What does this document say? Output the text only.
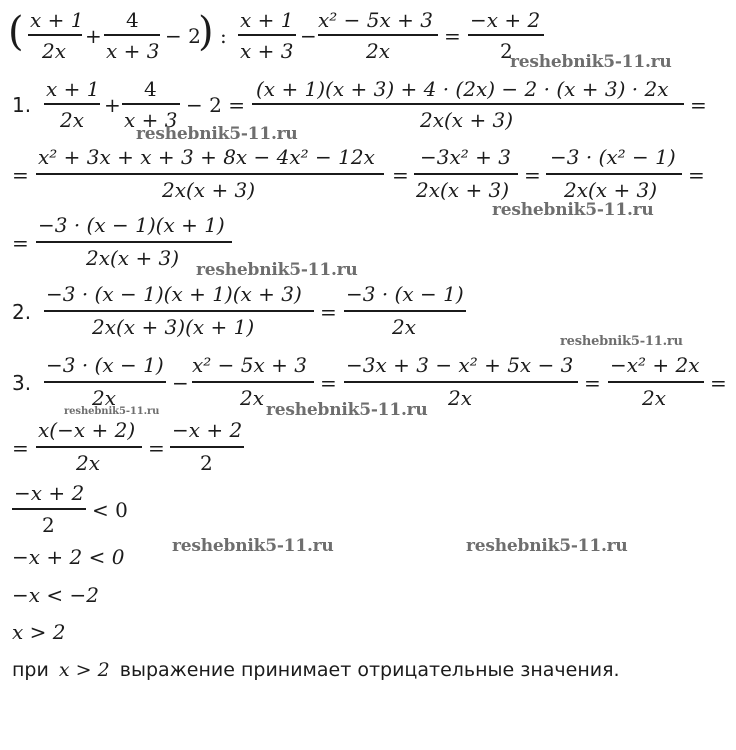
( x + 1
2x
+
4
x + 3
− 2
) :
x + 1
x + 3
−
x² − 5x + 3
2x
=
−x + 2
2
1.
x + 1
2x
+
4
x + 3
− 2 =
(x + 1)(x + 3) + 4 · (2x) − 2 · (x + 3) · 2x
2x(x + 3)
=
=
x² + 3x + x + 3 + 8x − 4x² − 12x
2x(x + 3)
=
−3x² + 3
2x(x + 3)
=
−3 · (x² − 1)
2x(x + 3)
=
=
−3 · (x − 1)(x + 1)
2x(x + 3)
2.
−3 · (x − 1)(x + 1)(x + 3)
2x(x + 3)(x + 1)
=
−3 · (x − 1)
2x
3.
−3 · (x − 1)
2x
−
x² − 5x + 3
2x
=
−3x + 3 − x² + 5x − 3
2x
=
−x² + 2x
2x
=
=
x(−x + 2)
2x
=
−x + 2
2
−x + 2
2
< 0
−x + 2 < 0
−x < −2
x > 2
при x > 2 выражение принимает отрицательные значения.
reshebnik5-11.ru
reshebnik5-11.ru
reshebnik5-11.ru
reshebnik5-11.ru
reshebnik5-11.ru
reshebnik5-11.ru
reshebnik5-11.ru
reshebnik5-11.ru	reshebnik5-11.ru
